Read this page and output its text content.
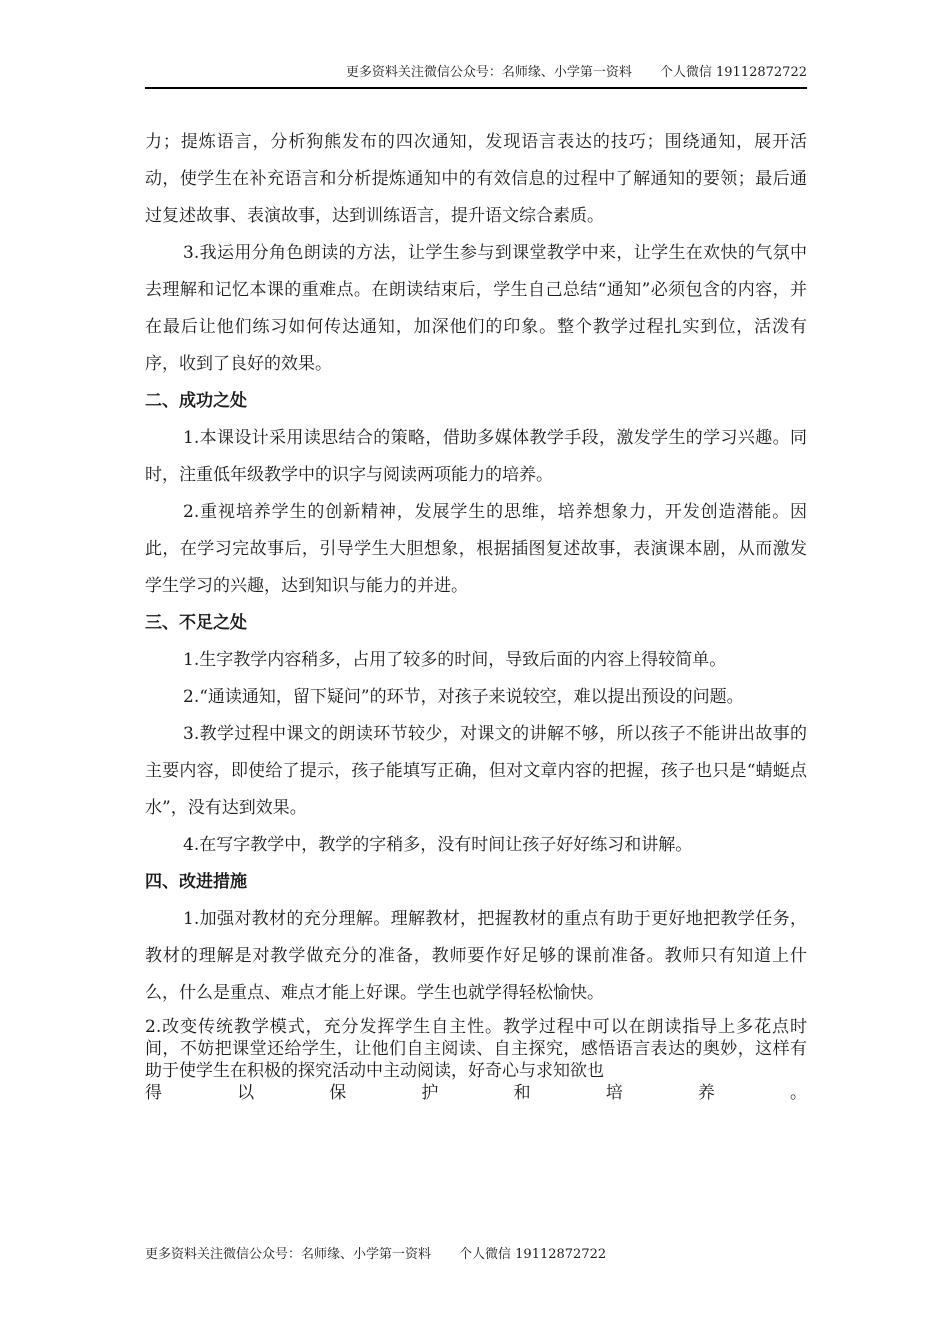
更多资料关注微信公众号：名师缘、小学第一资料 个人微信 19112872722

力；提炼语言，分析狗熊发布的四次通知，发现语言表达的技巧；围绕通知，展开活动，使学生在补充语言和分析提炼通知中的有效信息的过程中了解通知的要领；最后通过复述故事、表演故事，达到训练语言，提升语文综合素质。

3.我运用分角色朗读的方法，让学生参与到课堂教学中来，让学生在欢快的气氛中去理解和记忆本课的重难点。在朗读结束后，学生自己总结“通知”必须包含的内容，并在最后让他们练习如何传达通知，加深他们的印象。整个教学过程扎实到位，活泼有序，收到了良好的效果。

二、成功之处

1.本课设计采用读思结合的策略，借助多媒体教学手段，激发学生的学习兴趣。同时，注重低年级教学中的识字与阅读两项能力的培养。

2.重视培养学生的创新精神，发展学生的思维，培养想象力，开发创造潜能。因此，在学习完故事后，引导学生大胆想象，根据插图复述故事，表演课本剧，从而激发学生学习的兴趣，达到知识与能力的并进。

三、不足之处

1.生字教学内容稍多，占用了较多的时间，导致后面的内容上得较简单。

2.“通读通知，留下疑问”的环节，对孩子来说较空，难以提出预设的问题。

3.教学过程中课文的朗读环节较少，对课文的讲解不够，所以孩子不能讲出故事的主要内容，即使给了提示，孩子能填写正确，但对文章内容的把握，孩子也只是“蜻蜓点水”，没有达到效果。

4.在写字教学中，教学的字稍多，没有时间让孩子好好练习和讲解。

四、改进措施

1.加强对教材的充分理解。理解教材，把握教材的重点有助于更好地把教学任务，教材的理解是对教学做充分的准备，教师要作好足够的课前准备。教师只有知道上什么，什么是重点、难点才能上好课。学生也就学得轻松愉快。

2.改变传统教学模式，充分发挥学生自主性。教学过程中可以在朗读指导上多花点时间，不妨把课堂还给学生，让他们自主阅读、自主探究，感悟语言表达的奥妙，这样有助于使学生在积极的探究活动中主动阅读，好奇心与求知欲也

得	以	保	护	和	培	养	。
更多资料关注微信公众号：名师缘、小学第一资料 个人微信 19112872722
